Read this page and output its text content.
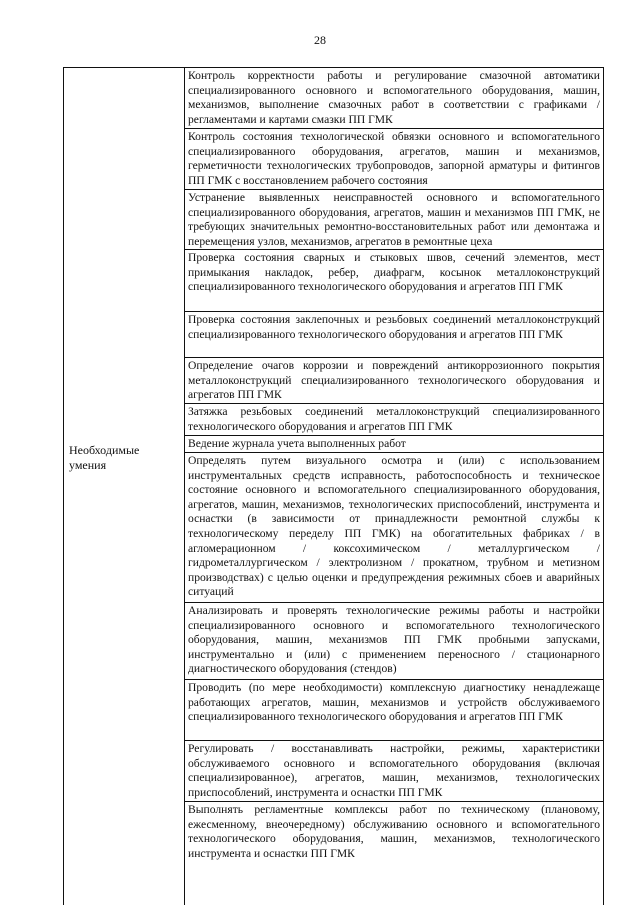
28
Необходимые умения
Контроль корректности работы и регулирование смазочной автоматики специализированного основного и вспомогательного оборудования, машин, механизмов, выполнение смазочных работ в соответствии с графиками / регламентами и картами смазки ПП ГМК
Контроль состояния технологической обвязки основного и вспомогательного специализированного оборудования, агрегатов, машин и механизмов, герметичности технологических трубопроводов, запорной арматуры и фитингов ПП ГМК с восстановлением рабочего состояния
Устранение выявленных неисправностей основного и вспомогательного специализированного оборудования, агрегатов, машин и механизмов ПП ГМК, не требующих значительных ремонтно-восстановительных работ или демонтажа и перемещения узлов, механизмов, агрегатов в ремонтные цеха
Проверка состояния сварных и стыковых швов, сечений элементов, мест примыкания накладок, ребер, диафрагм, косынок металлоконструкций специализированного технологического оборудования и агрегатов ПП ГМК
Проверка состояния заклепочных и резьбовых соединений металлоконструкций специализированного технологического оборудования и агрегатов ПП ГМК
Определение очагов коррозии и повреждений антикоррозионного покрытия металлоконструкций специализированного технологического оборудования и агрегатов ПП ГМК
Затяжка резьбовых соединений металлоконструкций специализированного технологического оборудования и агрегатов ПП ГМК
Ведение журнала учета выполненных работ
Определять путем визуального осмотра и (или) с использованием инструментальных средств исправность, работоспособность и техническое состояние основного и вспомогательного специализированного оборудования, агрегатов, машин, механизмов, технологических приспособлений, инструмента и оснастки (в зависимости от принадлежности ремонтной службы к технологическому переделу ПП ГМК) на обогатительных фабриках / в агломерационном / коксохимическом / металлургическом / гидрометаллургическом / электролизном / прокатном, трубном и метизном производствах) с целью оценки и предупреждения режимных сбоев и аварийных ситуаций
Анализировать и проверять технологические режимы работы и настройки специализированного основного и вспомогательного технологического оборудования, машин, механизмов ПП ГМК пробными запусками, инструментально и (или) с применением переносного / стационарного диагностического оборудования (стендов)
Проводить (по мере необходимости) комплексную диагностику ненадлежаще работающих агрегатов, машин, механизмов и устройств обслуживаемого специализированного технологического оборудования и агрегатов ПП ГМК
Регулировать / восстанавливать настройки, режимы, характеристики обслуживаемого основного и вспомогательного оборудования (включая специализированное), агрегатов, машин, механизмов, технологических приспособлений, инструмента и оснастки ПП ГМК
Выполнять регламентные комплексы работ по техническому (плановому, ежесменному, внеочередному) обслуживанию основного и вспомогательного технологического оборудования, машин, механизмов, технологического инструмента и оснастки ПП ГМК
